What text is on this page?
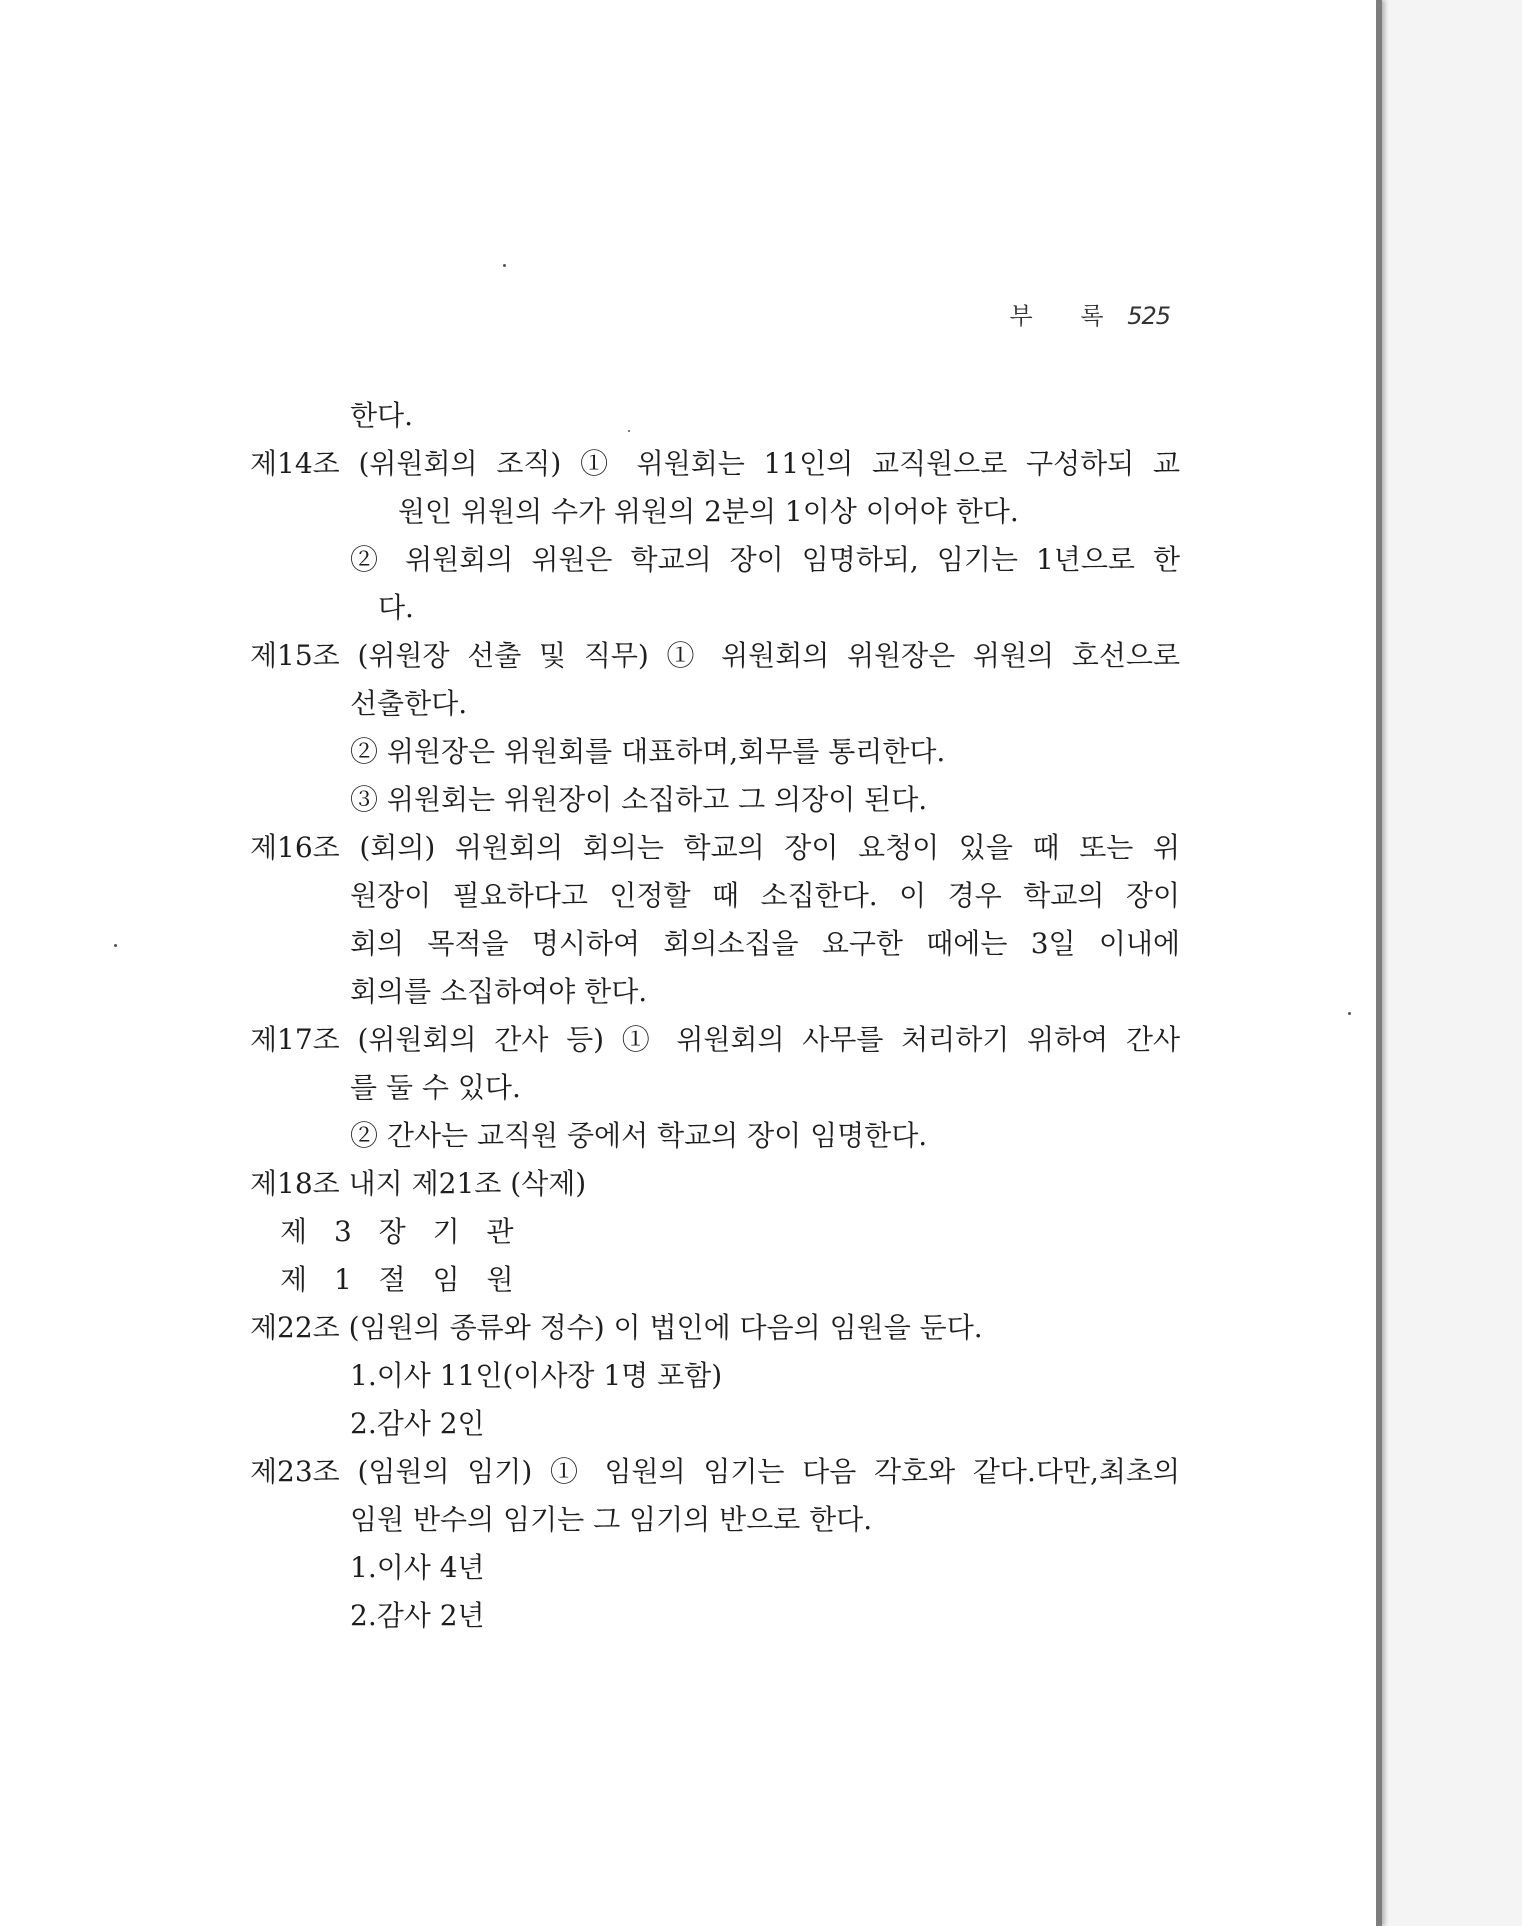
부 록 525
한다.
제14조 (위원회의 조직) ① 위원회는 11인의 교직원으로 구성하되 교
원인 위원의 수가 위원의 2분의 1이상 이어야 한다.
② 위원회의 위원은 학교의 장이 임명하되, 임기는 1년으로 한
다.
제15조 (위원장 선출 및 직무) ① 위원회의 위원장은 위원의 호선으로
선출한다.
② 위원장은 위원회를 대표하며,회무를 통리한다.
③ 위원회는 위원장이 소집하고 그 의장이 된다.
제16조 (회의) 위원회의 회의는 학교의 장이 요청이 있을 때 또는 위
원장이 필요하다고 인정할 때 소집한다. 이 경우 학교의 장이
회의 목적을 명시하여 회의소집을 요구한 때에는 3일 이내에
회의를 소집하여야 한다.
제17조 (위원회의 간사 등) ① 위원회의 사무를 처리하기 위하여 간사
를 둘 수 있다.
② 간사는 교직원 중에서 학교의 장이 임명한다.
제18조 내지 제21조 (삭제)
제 3 장 기 관
제 1 절 임 원
제22조 (임원의 종류와 정수) 이 법인에 다음의 임원을 둔다.
1.이사 11인(이사장 1명 포함)
2.감사 2인
제23조 (임원의 임기) ① 임원의 임기는 다음 각호와 같다.다만,최초의
임원 반수의 임기는 그 임기의 반으로 한다.
1.이사 4년
2.감사 2년
